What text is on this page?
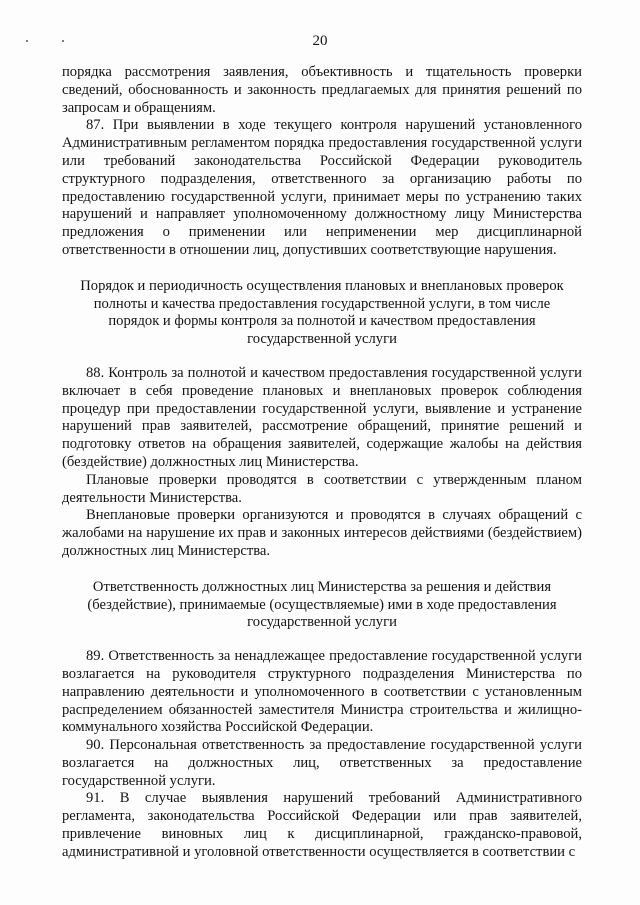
20

порядка рассмотрения заявления, объективность и тщательность проверки сведений, обоснованность и законность предлагаемых для принятия решений по запросам и обращениям.

87. При выявлении в ходе текущего контроля нарушений установленного Административным регламентом порядка предоставления государственной услуги или требований законодательства Российской Федерации руководитель структурного подразделения, ответственного за организацию работы по предоставлению государственной услуги, принимает меры по устранению таких нарушений и направляет уполномоченному должностному лицу Министерства предложения о применении или неприменении мер дисциплинарной ответственности в отношении лиц, допустивших соответствующие нарушения.

Порядок и периодичность осуществления плановых и внеплановых проверок полноты и качества предоставления государственной услуги, в том числе порядок и формы контроля за полнотой и качеством предоставления государственной услуги

88. Контроль за полнотой и качеством предоставления государственной услуги включает в себя проведение плановых и внеплановых проверок соблюдения процедур при предоставлении государственной услуги, выявление и устранение нарушений прав заявителей, рассмотрение обращений, принятие решений и подготовку ответов на обращения заявителей, содержащие жалобы на действия (бездействие) должностных лиц Министерства.

Плановые проверки проводятся в соответствии с утвержденным планом деятельности Министерства.

Внеплановые проверки организуются и проводятся в случаях обращений с жалобами на нарушение их прав и законных интересов действиями (бездействием) должностных лиц Министерства.

Ответственность должностных лиц Министерства за решения и действия (бездействие), принимаемые (осуществляемые) ими в ходе предоставления государственной услуги

89. Ответственность за ненадлежащее предоставление государственной услуги возлагается на руководителя структурного подразделения Министерства по направлению деятельности и уполномоченного в соответствии с установленным распределением обязанностей заместителя Министра строительства и жилищно-коммунального хозяйства Российской Федерации.

90. Персональная ответственность за предоставление государственной услуги возлагается на должностных лиц, ответственных за предоставление государственной услуги.

91. В случае выявления нарушений требований Административного регламента, законодательства Российской Федерации или прав заявителей, привлечение виновных лиц к дисциплинарной, гражданско-правовой, административной и уголовной ответственности осуществляется в соответствии с
